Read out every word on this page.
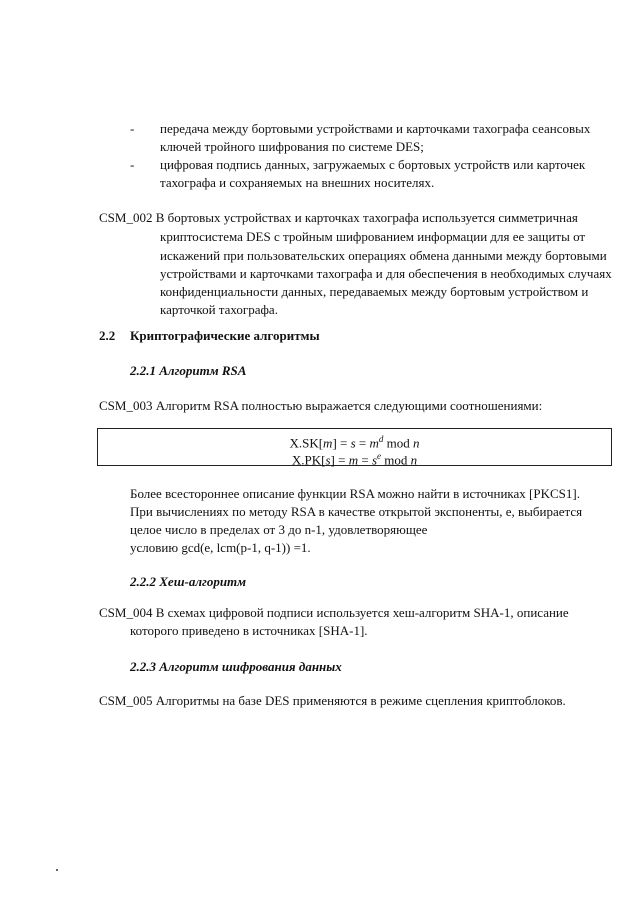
- передача между бортовыми устройствами и карточками тахографа сеансовых
ключей тройного шифрования по системе DES;
- цифровая подпись данных, загружаемых с бортовых устройств или карточек
тахографа и сохраняемых на внешних носителях.
CSM_002 В бортовых устройствах и карточках тахографа используется симметричная
криптосистема DES с тройным шифрованием информации для ее защиты от
искажений при пользовательских операциях обмена данными между бортовыми
устройствами и карточками тахографа и для обеспечения в необходимых случаях
конфиденциальности данных, передаваемых между бортовым устройством и
карточкой тахографа.
2.2 Криптографические алгоритмы
2.2.1 Алгоритм RSA
CSM_003 Алгоритм RSA полностью выражается следующими соотношениями:
$X.SK[m] = s = m^d$ mod n
$X.PK[s] = m = s^e$ mod n
Более всестороннее описание функции RSA можно найти в источниках [PKCS1].
При вычислениях по методу RSA в качестве открытой экспоненты, e, выбирается
целое число в пределах от 3 до n-1, удовлетворяющее
условию gcd(e, lcm(p-1, q-1)) =1.
2.2.2 Хеш-алгоритм
CSM_004 В схемах цифровой подписи используется хеш-алгоритм SHA-1, описание
которого приведено в источниках [SHA-1].
2.2.3 Алгоритм шифрования данных
CSM_005 Алгоритмы на базе DES применяются в режиме сцепления криптоблоков.
